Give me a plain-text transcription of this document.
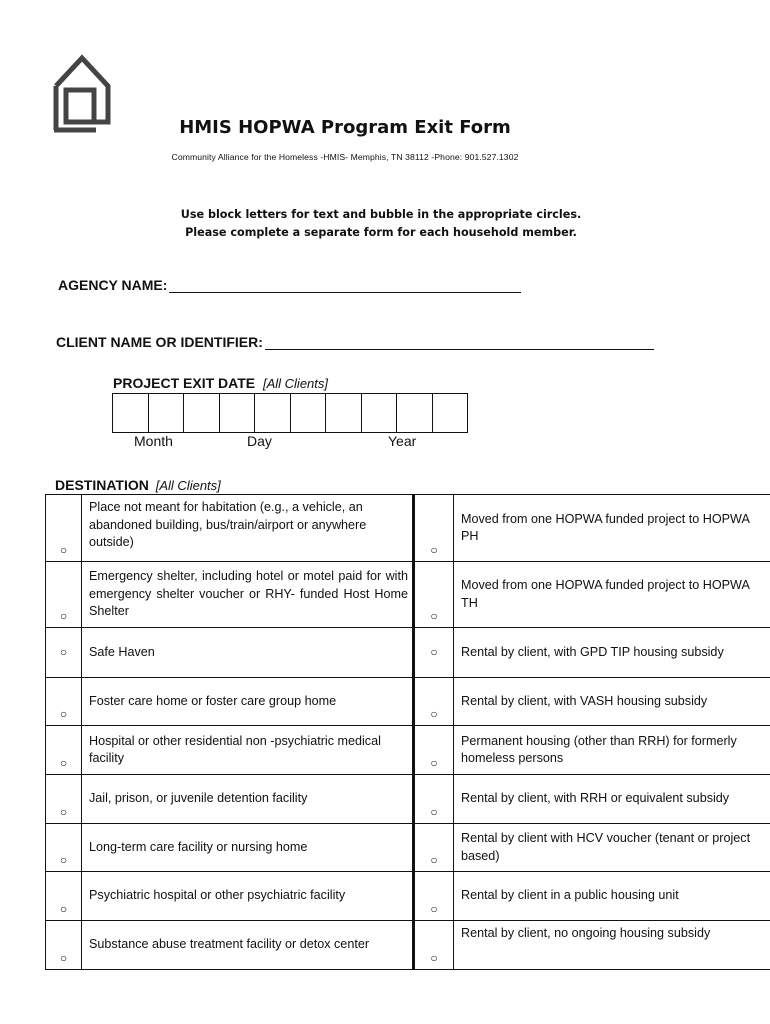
HMIS HOPWA Program Exit Form
Community Alliance for the Homeless -HMIS- Memphis, TN 38112 -Phone: 901.527.1302
Use block letters for text and bubble in the appropriate circles.
Please complete a separate form for each household member.
AGENCY NAME:
CLIENT NAME OR IDENTIFIER:
PROJECT EXIT DATE [All Clients]
Month	Day	Year
DESTINATION [All Clients]
○	Place not meant for habitation (e.g., a vehicle, an abandoned building, bus/train/airport or anywhere outside)	○	Moved from one HOPWA funded project to HOPWA PH
○	Emergency shelter, including hotel or motel paid for with emergency shelter voucher or RHY- funded Host Home Shelter	○	Moved from one HOPWA funded project to HOPWA TH
○	Safe Haven	○	Rental by client, with GPD TIP housing subsidy
○	Foster care home or foster care group home	○	Rental by client, with VASH housing subsidy
○	Hospital or other residential non -psychiatric medical facility	○	Permanent housing (other than RRH) for formerly homeless persons
○	Jail, prison, or juvenile detention facility	○	Rental by client, with RRH or equivalent subsidy
○	Long-term care facility or nursing home	○	Rental by client with HCV voucher (tenant or project based)
○	Psychiatric hospital or other psychiatric facility	○	Rental by client in a public housing unit
○	Substance abuse treatment facility or detox center	○	Rental by client, no ongoing housing subsidy
